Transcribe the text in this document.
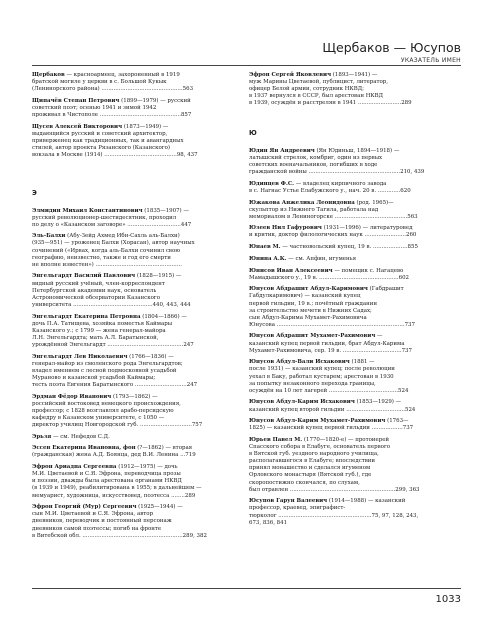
Щербаков — Юсупов
УКАЗАТЕЛЬ ИМЕН

Щербаков — красноармеец, захороненный в 1919

братской могиле у церкви в с. Большой Кукык

(Ленинорского района) ...............................................563

Щипачёв Степан Петрович (1899—1979) — русский

советский поэт; осенью 1941 и зимой 1942

проживал в Чистополе ...............................................857

Щусев Алексей Викторович (1873—1949) —

выдающийся русский и советский архитектор,

приверженец как традиционных, так и авангардных

стилей, автор проекта Рязанского (Казанского)

вокзала в Москве (1914) ..........................................98, 437

Э

Элмидин Михаил Константинович (1835—1907) —

русский революционер-шестидесятник, проходил

по делу о «Казанском заговоре» ...............................447

Эль-Балхи (Абу-Зейд Ахмед Ибн-Сахль аль-Балхи)

(935—951) — уроженец Балхи (Хорасан), автор научных

сочинений («Ирвах, когда аль-Балхи сочинил свою

географию, неизвестно, также и год его смерти

не вполне известен») ..................................................

Энгельгардт Василий Павлович (1828—1915) —

видный русский учёный, член-корреспондент

Петербургской академии наук, основатель

Астрономической обсерватории Казанского

университета ..............................................440, 443, 444

Энгельгардт Екатерина Петровна (1804—1866) —

дочь П.А. Татищева, хозяйка поместья Каймары

Казанского у.; с 1799 — жена генерал-майора

Л.Н. Энгельгардта; мать А.Л. Баратынской,

урождённой Энгельгардт ............................................247

Энгельгардт Лев Николаевич (1766—1836) —

генерал-майор из смоленского рода Энгельгардтов;

владел имением с лесной подмосковной усадьбой

Мураново и казанской усадьбой Каймары;

тесть поэта Евгения Баратынского ..............................247

Эрдман Фёдор Иванович (1793—1862) —

российский востоковед немецкого происхождения,

профессор; с 1828 возглавлял арабо-персидскую

кафедру в Казанском университете, с 1050 —

директор училищ Новгородской губ. ..............................757

Эрьзя — см. Нефедов С.Д.

Эссен Екатерина Ивановна, фон (?—1862) — вторая

(гражданская) жена А.Д. Боянца, дед В.И. Ленина ...719

Эфрон Ариадна Сергеевна (1912—1975) — дочь

М.И. Цветаевой и С.Я. Эфрона, переводчица прозы

и поэзии, дважды была арестована органами НКВД

(в 1939 и 1949), реабилитирована в 1955; в дальнейшем —

мемуарист, художница, искусствовед, поэтесса ........289

Эфрон Георгий (Мур) Сергеевич (1925—1944) —

сын М.И. Цветаевой и С.Я. Эфрона, автор

дневников, переводчик и постоянный персонаж

дневников самой поэтессы; погиб на фронте

в Витебской обл. ..........................................................289, 382

Эфрон Сергей Яковлевич (1893—1941) —

муж Марины Цветаевой, публицист, литератор,

офицер Белой армии, сотрудник НКВД;

в 1937 вернулся в СССР, был арестован НКВД

в 1939, осуждён и расстрелян в 1941 .........................289

Ю

Юдин Ян Андреевич (Ян Юдиньш, 1894—1918) —

латышский стрелок, комбриг, один из первых

советских военачальников, погибших в ходе

гражданской войны .....................................................210, 439

Юдинцев Ф.С. — владелец кирпичного завода

в с. Нагнас Устье Елабужского у., нач. 20 в. .............620

Южакова Анжелика Леонидовна (род. 1965)—

скульптор из Нижнего Тагила, работала над

мемориалом в Лениногорске ..........................................563

Юзеев Нил Гафурович (1931—1996) — литературовед

и критик, доктор филологических наук ........................260

Юнаев М. — частновольский купец, 19 в. ....................855

Юнина А.К. — см. Апфин, игуменья

Юнисов Иван Алексеевич — помещик с. Нагацево

Мамадышского у., 19 в. ..............................................602

Юнусов Абдрашит Абдул-Каримович (Габдрашит

Габдулкаримович) — казанский купец

первой гильдии, 19 в.; почётный гражданин

за строительство мечети в Нижних Садах;

сын Абдул-Карима Мухамет-Рахимовича

Юнусова ..........................................................................737

Юнусов Абдрашит Мухамет-Рахимович —

казанский купец первой гильдии, брат Абдул-Карима

Мухамет-Рахимовича, сер. 19 в. ..................................737

Юнусов Абдул-Вали Исхакович (1881 —

после 1931) — казанский купец; после революции

уехал в Баку, работал кустарем; арестован в 1930

за попытку незаконного перехода границы,

осуждён на 10 лет лагерей ........................................524

Юнусов Абдул-Карим Исхакович (1853—1929) —

казанский купец второй гильдии ..................................524

Юнусов Абдул-Карим Мухамет-Рахимович (1763—

1825) — казанский купец первой гильдии ..................737

Юрьев Павел М. (1770—1820-е) — протоиерей

Спасского собора в Елабуге, основатель первого

в Вятской губ. уездного народного училища,

располагавшегося в Елабуге; впоследствии

принял монашество и сделался игуменом

Орловского монастыря (Вятской губ.), где

скоропостижно скончался, по слухам,

был отравлен .............................................................299, 363

Юсупов Гарун Валеевич (1914—1988) — казанский

профессор, краевед, эпиграфист-

тюрколог ......................................................75, 97, 128, 243,

673, 836, 841

1033
